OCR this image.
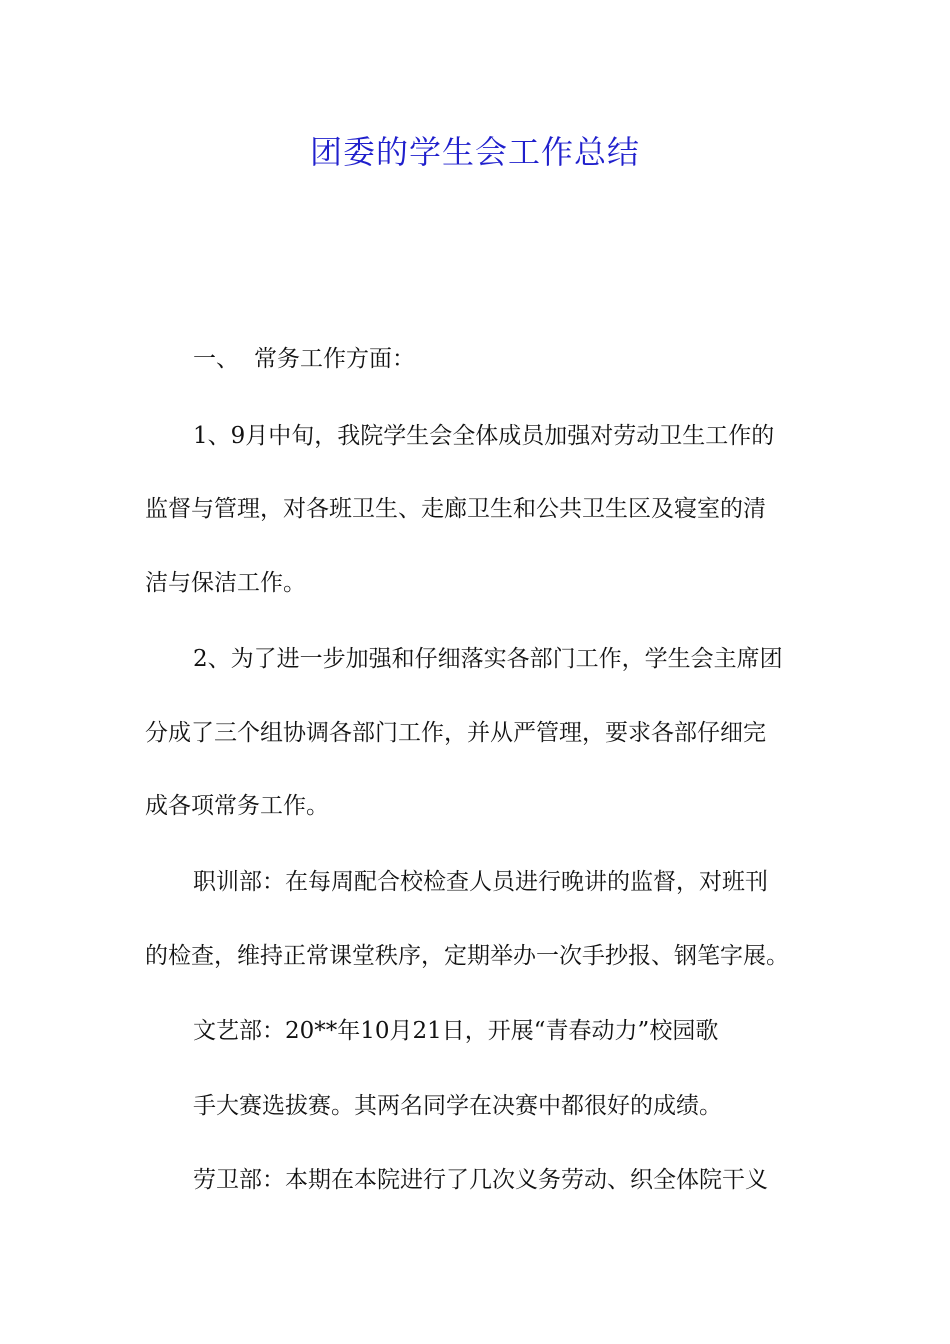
团委的学生会工作总结
一、 常务工作方面：
1、9月中旬，我院学生会全体成员加强对劳动卫生工作的
监督与管理，对各班卫生、走廊卫生和公共卫生区及寝室的清
洁与保洁工作。
2、为了进一步加强和仔细落实各部门工作，学生会主席团
分成了三个组协调各部门工作，并从严管理，要求各部仔细完
成各项常务工作。
职训部：在每周配合校检查人员进行晚讲的监督，对班刊
的检查，维持正常课堂秩序，定期举办一次手抄报、钢笔字展。
文艺部：20**年10月21日，开展“青春动力”校园歌
手大赛选拔赛。其两名同学在决赛中都很好的成绩。
劳卫部：本期在本院进行了几次义务劳动、织全体院干义
